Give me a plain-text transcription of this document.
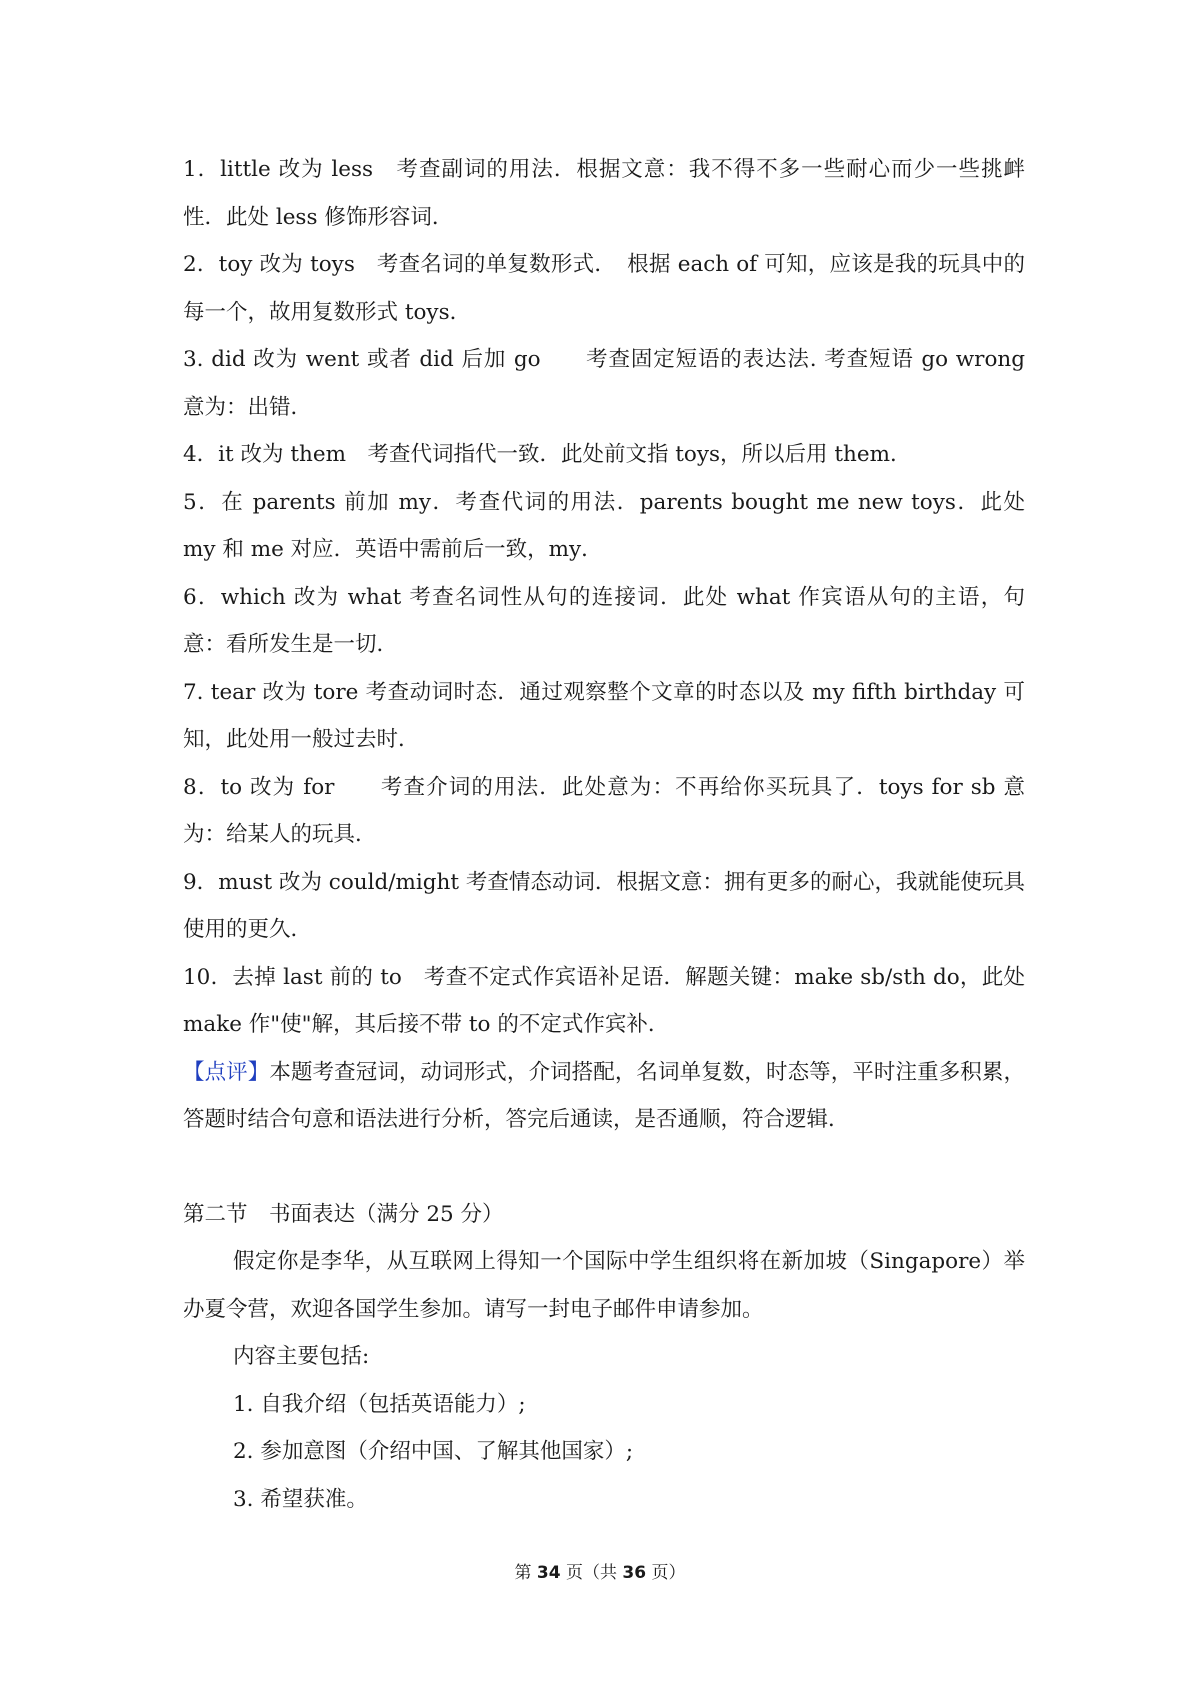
1．little 改为 less　考查副词的用法．根据文意：我不得不多一些耐心而少一些挑衅性．此处 less 修饰形容词．

2．toy 改为 toys　考查名词的单复数形式．　根据 each of 可知，应该是我的玩具中的每一个，故用复数形式 toys．

3. did 改为 went 或者 did 后加 go　　考查固定短语的表达法. 考查短语 go wrong 意为：出错．

4．it 改为 them　考查代词指代一致．此处前文指 toys，所以后用 them．

5．在 parents 前加 my．考查代词的用法．parents bought me new toys．此处 my 和 me 对应．英语中需前后一致，my．

6．which 改为 what 考查名词性从句的连接词．此处 what 作宾语从句的主语，句意：看所发生是一切．

7. tear 改为 tore 考查动词时态．通过观察整个文章的时态以及 my fifth birthday 可知，此处用一般过去时．

8．to 改为 for　　考查介词的用法．此处意为：不再给你买玩具了．toys for sb 意为：给某人的玩具．

9．must 改为 could/might 考查情态动词．根据文意：拥有更多的耐心，我就能使玩具使用的更久．

10．去掉 last 前的 to　考查不定式作宾语补足语．解题关键：make sb/sth do，此处 make 作"使"解，其后接不带 to 的不定式作宾补．

【点评】本题考查冠词，动词形式，介词搭配，名词单复数，时态等，平时注重多积累，答题时结合句意和语法进行分析，答完后通读，是否通顺，符合逻辑．

第二节　书面表达（满分 25 分）

假定你是李华，从互联网上得知一个国际中学生组织将在新加坡（Singapore）举办夏令营，欢迎各国学生参加。请写一封电子邮件申请参加。

内容主要包括:

1. 自我介绍（包括英语能力）;

2. 参加意图（介绍中国、了解其他国家）;

3. 希望获准。

第 34 页（共 36 页）
